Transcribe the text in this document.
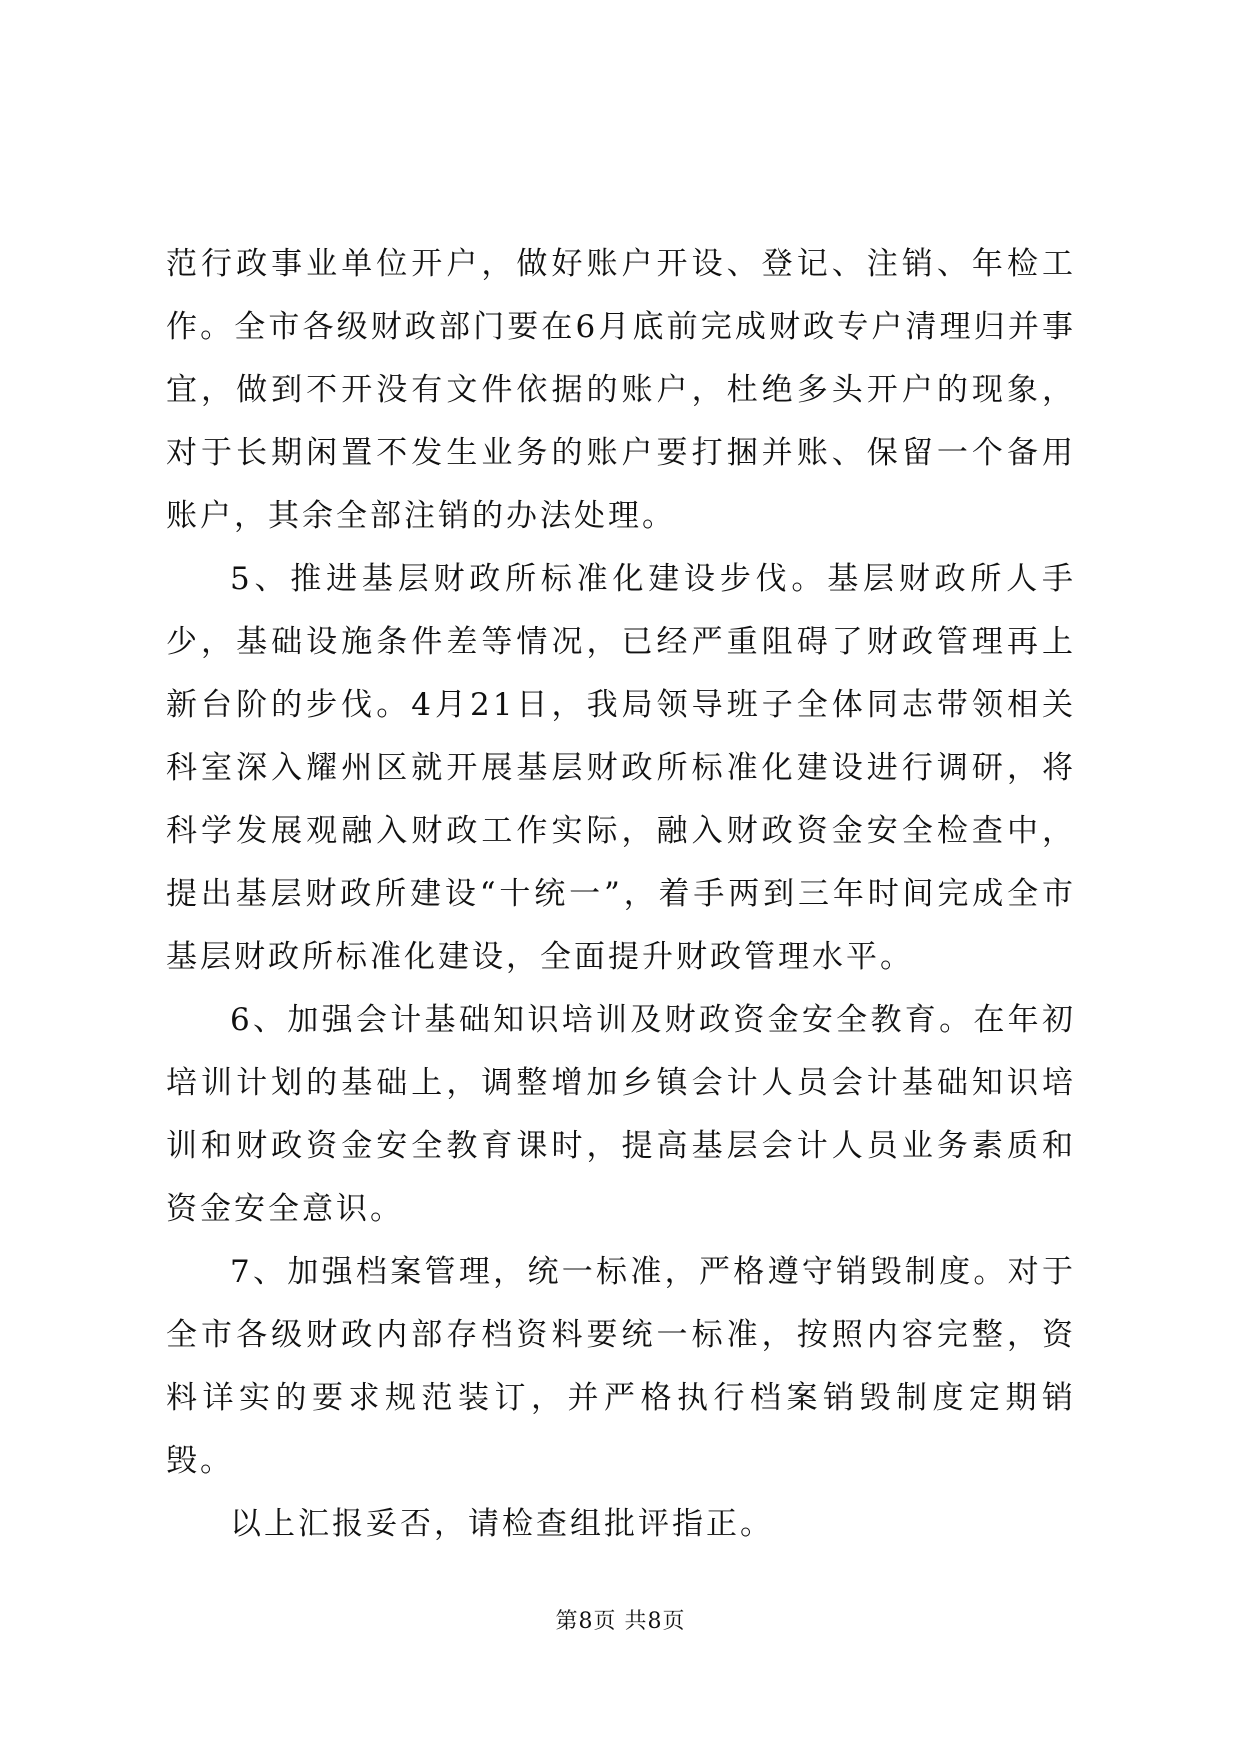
范行政事业单位开户，做好账户开设、登记、注销、年检工作。全市各级财政部门要在6月底前完成财政专户清理归并事宜，做到不开没有文件依据的账户，杜绝多头开户的现象，对于长期闲置不发生业务的账户要打捆并账、保留一个备用账户，其余全部注销的办法处理。

5、推进基层财政所标准化建设步伐。基层财政所人手少，基础设施条件差等情况，已经严重阻碍了财政管理再上新台阶的步伐。4月21日，我局领导班子全体同志带领相关科室深入耀州区就开展基层财政所标准化建设进行调研，将科学发展观融入财政工作实际，融入财政资金安全检查中，提出基层财政所建设“十统一”，着手两到三年时间完成全市基层财政所标准化建设，全面提升财政管理水平。

6、加强会计基础知识培训及财政资金安全教育。在年初培训计划的基础上，调整增加乡镇会计人员会计基础知识培训和财政资金安全教育课时，提高基层会计人员业务素质和资金安全意识。

7、加强档案管理，统一标准，严格遵守销毁制度。对于全市各级财政内部存档资料要统一标准，按照内容完整，资料详实的要求规范装订，并严格执行档案销毁制度定期销毁。

以上汇报妥否，请检查组批评指正。

第8页 共8页
